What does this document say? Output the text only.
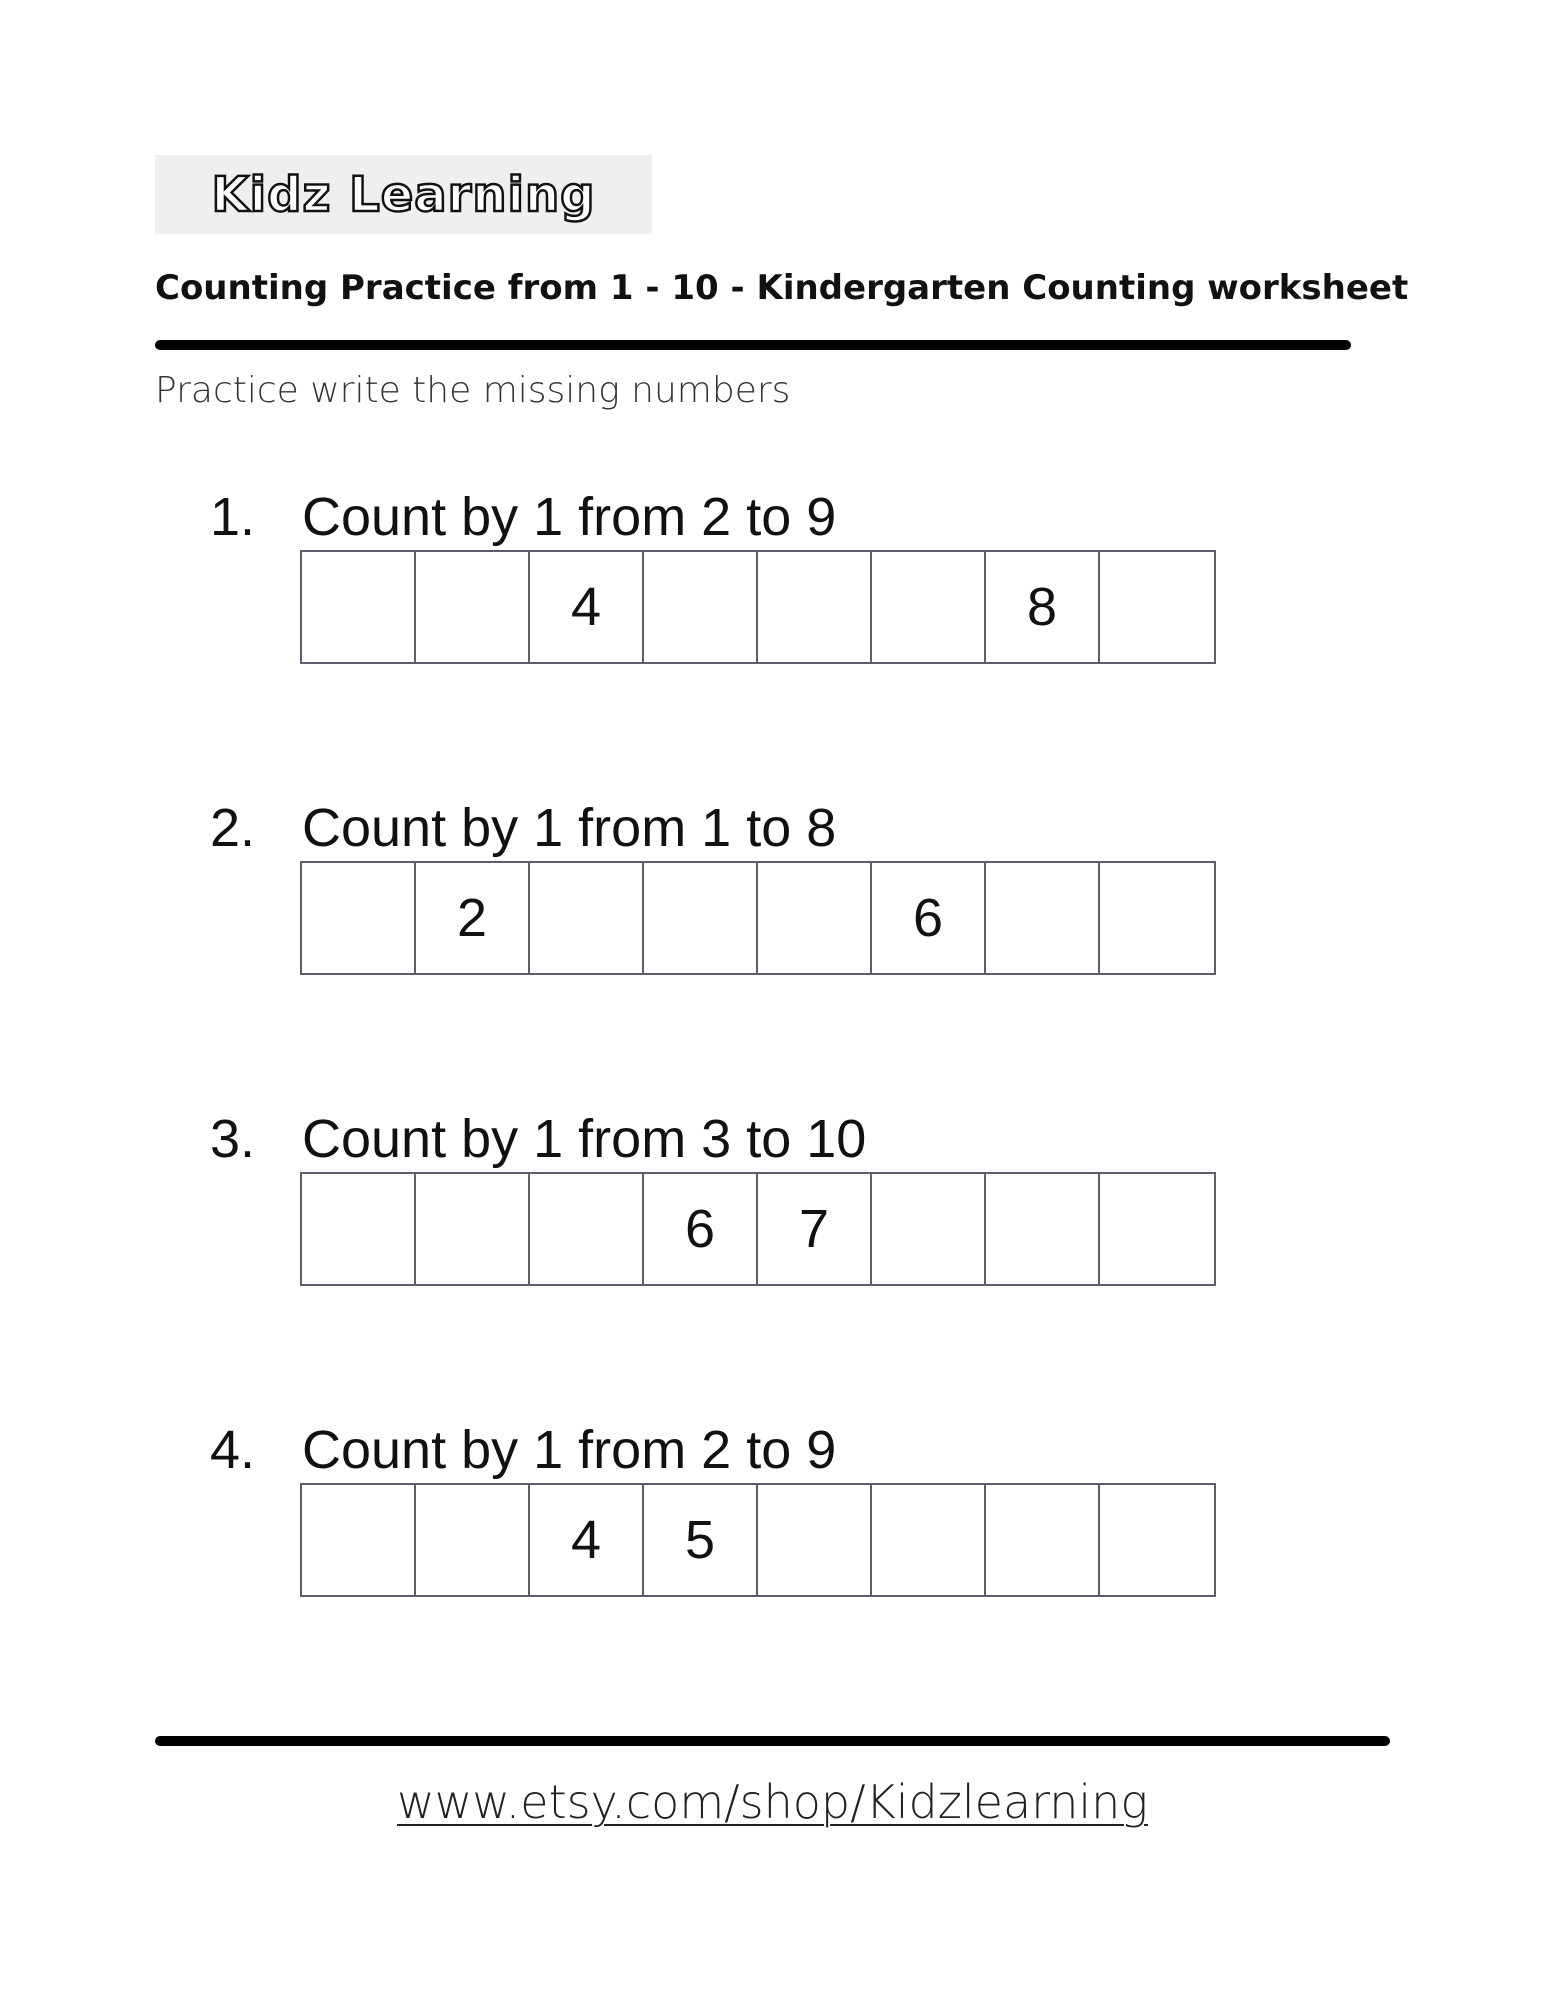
Kidz Learning
Counting Practice from 1 - 10 - Kindergarten Counting worksheet
Practice write the missing numbers
1. Count by 1 from 2 to 9
4	8
2. Count by 1 from 1 to 8
2	6
3. Count by 1 from 3 to 10
6	7
4. Count by 1 from 2 to 9
4	5
www.etsy.com/shop/Kidzlearning
